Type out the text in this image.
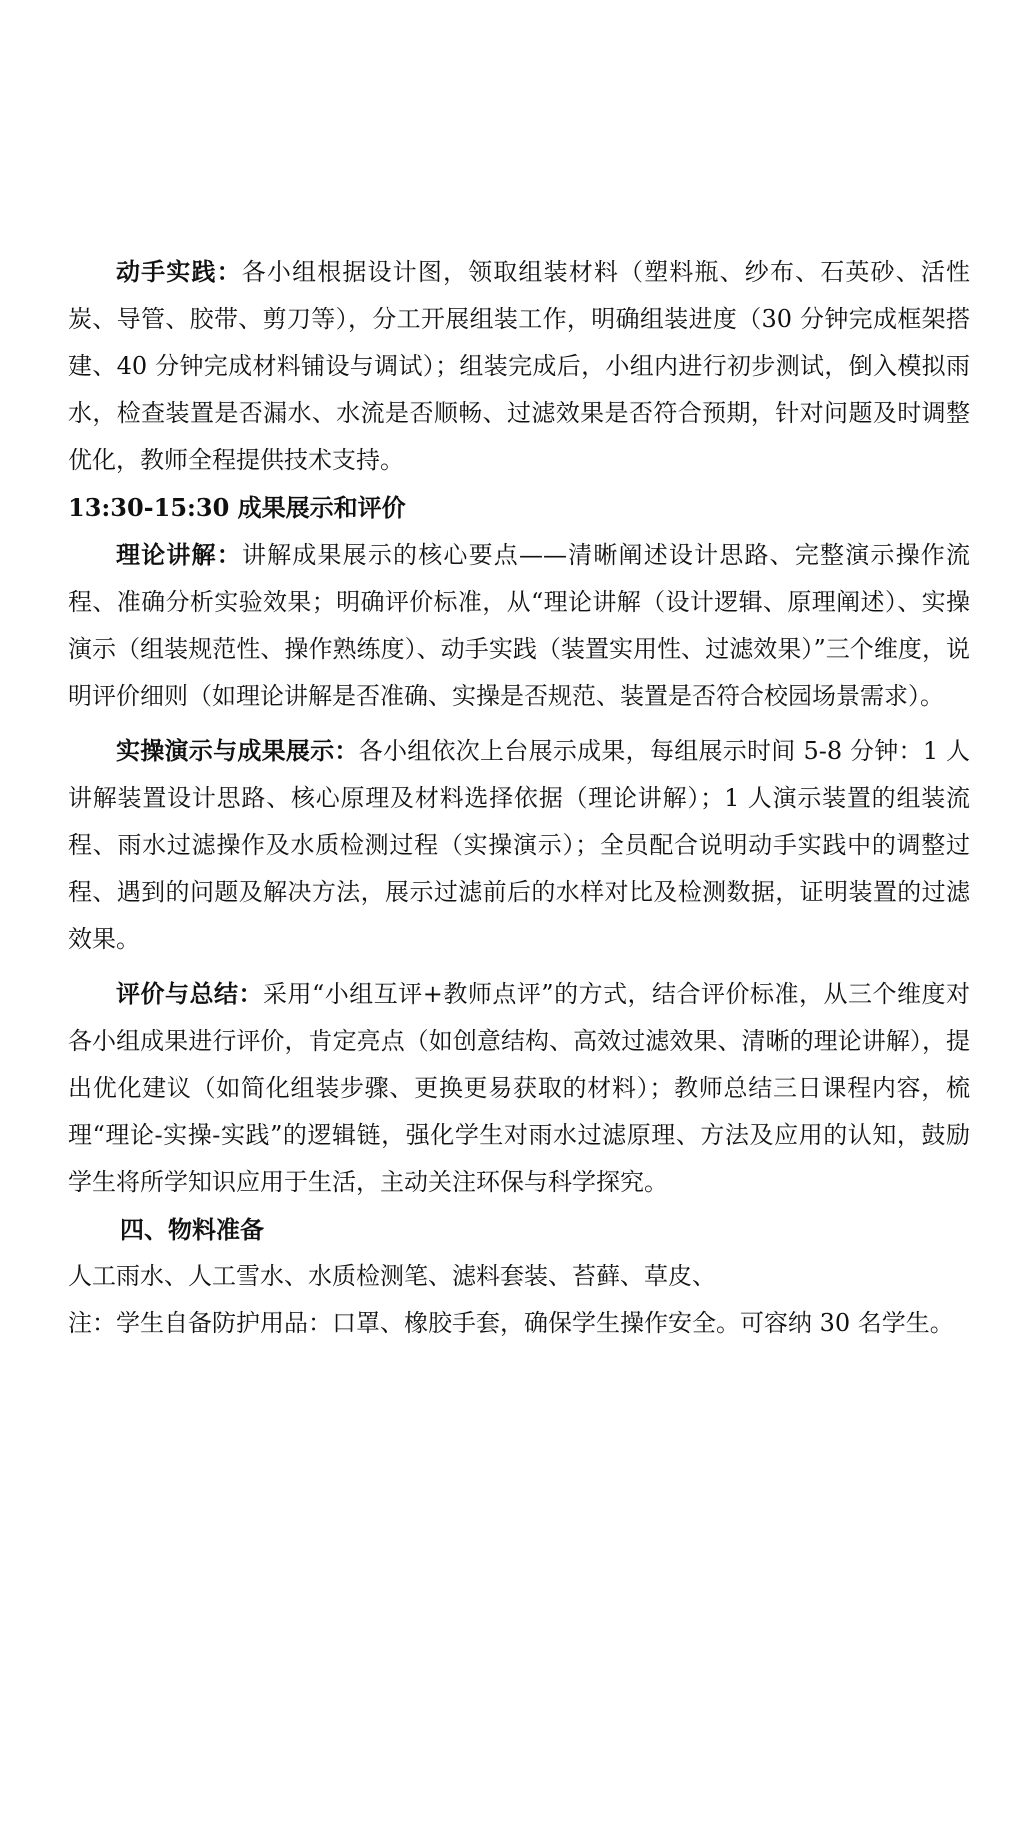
动手实践：各小组根据设计图，领取组装材料（塑料瓶、纱布、石英砂、活性炭、导管、胶带、剪刀等），分工开展组装工作，明确组装进度（30 分钟完成框架搭建、40 分钟完成材料铺设与调试）；组装完成后，小组内进行初步测试，倒入模拟雨水，检查装置是否漏水、水流是否顺畅、过滤效果是否符合预期，针对问题及时调整优化，教师全程提供技术支持。

13:30-15:30 成果展示和评价

理论讲解：讲解成果展示的核心要点——清晰阐述设计思路、完整演示操作流程、准确分析实验效果；明确评价标准，从“理论讲解（设计逻辑、原理阐述）、实操演示（组装规范性、操作熟练度）、动手实践（装置实用性、过滤效果）”三个维度，说明评价细则（如理论讲解是否准确、实操是否规范、装置是否符合校园场景需求）。

实操演示与成果展示：各小组依次上台展示成果，每组展示时间 5-8 分钟：1 人讲解装置设计思路、核心原理及材料选择依据（理论讲解）；1 人演示装置的组装流程、雨水过滤操作及水质检测过程（实操演示）；全员配合说明动手实践中的调整过程、遇到的问题及解决方法，展示过滤前后的水样对比及检测数据，证明装置的过滤效果。

评价与总结：采用“小组互评+教师点评”的方式，结合评价标准，从三个维度对各小组成果进行评价，肯定亮点（如创意结构、高效过滤效果、清晰的理论讲解），提出优化建议（如简化组装步骤、更换更易获取的材料）；教师总结三日课程内容，梳理“理论-实操-实践”的逻辑链，强化学生对雨水过滤原理、方法及应用的认知，鼓励学生将所学知识应用于生活，主动关注环保与科学探究。

四、物料准备

人工雨水、人工雪水、水质检测笔、滤料套装、苔藓、草皮、

注：学生自备防护用品：口罩、橡胶手套，确保学生操作安全。可容纳 30 名学生。
